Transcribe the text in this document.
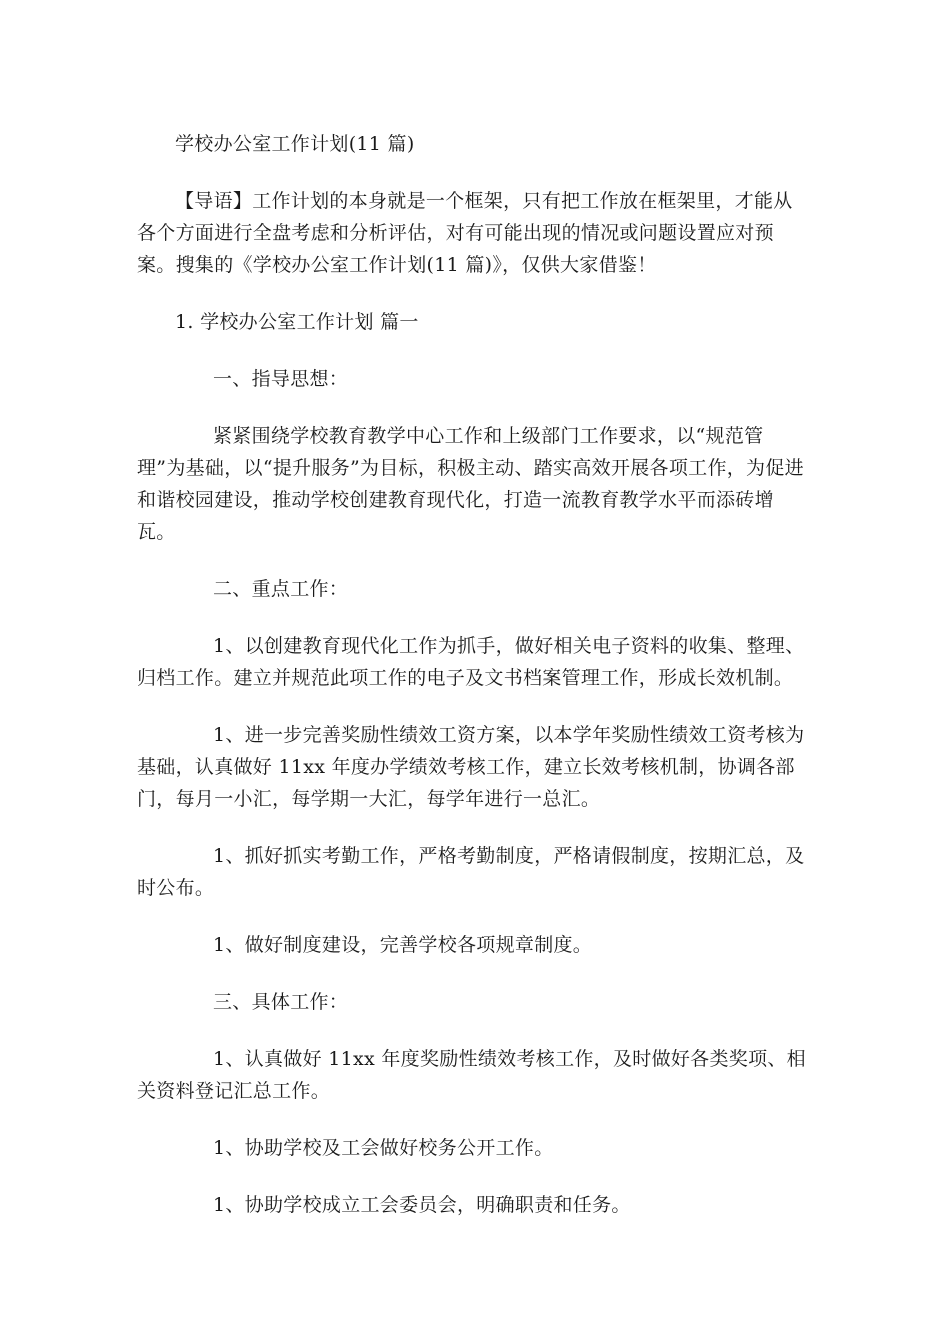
学校办公室工作计划(11 篇)

【导语】工作计划的本身就是一个框架，只有把工作放在框架里，才能从各个方面进行全盘考虑和分析评估，对有可能出现的情况或问题设置应对预案。搜集的《学校办公室工作计划(11 篇)》，仅供大家借鉴！

1. 学校办公室工作计划 篇一

一、指导思想：

紧紧围绕学校教育教学中心工作和上级部门工作要求，以“规范管理”为基础，以“提升服务”为目标，积极主动、踏实高效开展各项工作，为促进和谐校园建设，推动学校创建教育现代化，打造一流教育教学水平而添砖增瓦。

二、重点工作：

1、以创建教育现代化工作为抓手，做好相关电子资料的收集、整理、归档工作。建立并规范此项工作的电子及文书档案管理工作，形成长效机制。

1、进一步完善奖励性绩效工资方案，以本学年奖励性绩效工资考核为基础，认真做好 11xx 年度办学绩效考核工作，建立长效考核机制，协调各部门，每月一小汇，每学期一大汇，每学年进行一总汇。

1、抓好抓实考勤工作，严格考勤制度，严格请假制度，按期汇总，及时公布。

1、做好制度建设，完善学校各项规章制度。

三、具体工作：

1、认真做好 11xx 年度奖励性绩效考核工作，及时做好各类奖项、相关资料登记汇总工作。

1、协助学校及工会做好校务公开工作。

1、协助学校成立工会委员会，明确职责和任务。
